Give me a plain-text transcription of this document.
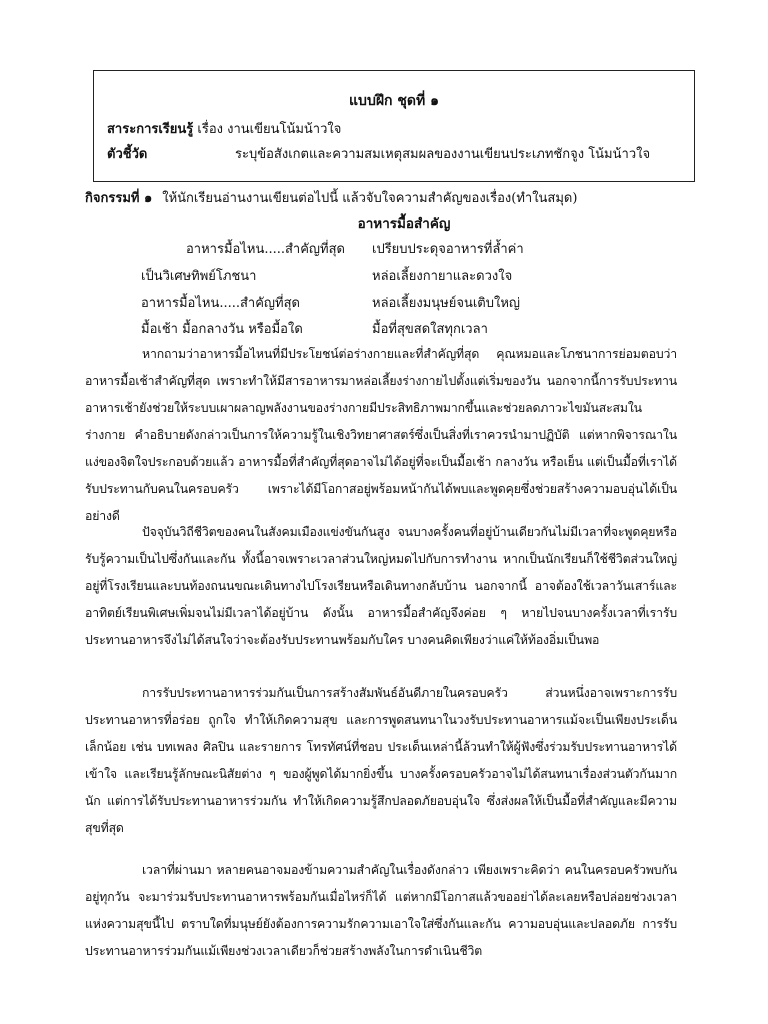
แบบฝึก ชุดที่ ๑
สาระการเรียนรู้ เรื่อง งานเขียนโน้มน้าวใจ
ตัวชี้วัด	ระบุข้อสังเกตและความสมเหตุสมผลของงานเขียนประเภทชักจูง โน้มน้าวใจ
กิจกรรมที่ ๑ ให้นักเรียนอ่านงานเขียนต่อไปนี้ แล้วจับใจความสำคัญของเรื่อง(ทำในสมุด)
อาหารมื้อสำคัญ
อาหารมื้อไหน.....สำคัญที่สุด เปรียบประดุจอาหารที่ล้ำค่า
เป็นวิเศษทิพย์โภชนา	หล่อเลี้ยงกายาและดวงใจ
อาหารมื้อไหน.....สำคัญที่สุด	หล่อเลี้ยงมนุษย์จนเติบใหญ่
มื้อเช้า มื้อกลางวัน หรือมื้อใด	มื้อที่สุขสดใสทุกเวลา

หากถามว่าอาหารมื้อไหนที่มีประโยชน์ต่อร่างกายและที่สำคัญที่สุด คุณหมอและโภชนาการย่อมตอบว่าอาหารมื้อเช้าสำคัญที่สุด เพราะทำให้มีสารอาหารมาหล่อเลี้ยงร่างกายไปตั้งแต่เริ่มของวัน นอกจากนี้การรับประทานอาหารเช้ายังช่วยให้ระบบเผาผลาญพลังงานของร่างกายมีประสิทธิภาพมากขึ้นและช่วยลดภาวะไขมันสะสมในร่างกาย คำอธิบายดังกล่าวเป็นการให้ความรู้ในเชิงวิทยาศาสตร์ซึ่งเป็นสิ่งที่เราควรนำมาปฏิบัติ แต่หากพิจารณาในแง่ของจิตใจประกอบด้วยแล้ว อาหารมื้อที่สำคัญที่สุดอาจไม่ได้อยู่ที่จะเป็นมื้อเช้า กลางวัน หรือเย็น แต่เป็นมื้อที่เราได้รับประทานกับคนในครอบครัว เพราะได้มีโอกาสอยู่พร้อมหน้ากันได้พบและพูดคุยซึ่งช่วยสร้างความอบอุ่นได้เป็นอย่างดี

ปัจจุบันวิถีชีวิตของคนในสังคมเมืองแข่งขันกันสูง จนบางครั้งคนที่อยู่บ้านเดียวกันไม่มีเวลาที่จะพูดคุยหรือรับรู้ความเป็นไปซึ่งกันและกัน ทั้งนี้อาจเพราะเวลาส่วนใหญ่หมดไปกับการทำงาน หากเป็นนักเรียนก็ใช้ชีวิตส่วนใหญ่อยู่ที่โรงเรียนและบนท้องถนนขณะเดินทางไปโรงเรียนหรือเดินทางกลับบ้าน นอกจากนี้ อาจต้องใช้เวลาวันเสาร์และอาทิตย์เรียนพิเศษเพิ่มจนไม่มีเวลาได้อยู่บ้าน ดังนั้น อาหารมื้อสำคัญจึงค่อย ๆ หายไปจนบางครั้งเวลาที่เรารับประทานอาหารจึงไม่ได้สนใจว่าจะต้องรับประทานพร้อมกับใคร บางคนคิดเพียงว่าแค่ให้ท้องอิ่มเป็นพอ

การรับประทานอาหารร่วมกันเป็นการสร้างสัมพันธ์อันดีภายในครอบครัว ส่วนหนึ่งอาจเพราะการรับประทานอาหารที่อร่อย ถูกใจ ทำให้เกิดความสุข และการพูดสนทนาในวงรับประทานอาหารแม้จะเป็นเพียงประเด็นเล็กน้อย เช่น บทเพลง ศิลปิน และรายการ โทรทัศน์ที่ชอบ ประเด็นเหล่านี้ล้วนทำให้ผู้ฟังซึ่งร่วมรับประทานอาหารได้เข้าใจ และเรียนรู้ลักษณะนิสัยต่าง ๆ ของผู้พูดได้มากยิ่งขึ้น บางครั้งครอบครัวอาจไม่ได้สนทนาเรื่องส่วนตัวกันมากนัก แต่การได้รับประทานอาหารร่วมกัน ทำให้เกิดความรู้สึกปลอดภัยอบอุ่นใจ ซึ่งส่งผลให้เป็นมื้อที่สำคัญและมีความสุขที่สุด

เวลาที่ผ่านมา หลายคนอาจมองข้ามความสำคัญในเรื่องดังกล่าว เพียงเพราะคิดว่า คนในครอบครัวพบกันอยู่ทุกวัน จะมาร่วมรับประทานอาหารพร้อมกันเมื่อไหร่ก็ได้ แต่หากมีโอกาสแล้วขออย่าได้ละเลยหรือปล่อยช่วงเวลาแห่งความสุขนี้ไป ตราบใดที่มนุษย์ยังต้องการความรักความเอาใจใส่ซึ่งกันและกัน ความอบอุ่นและปลอดภัย การรับประทานอาหารร่วมกันแม้เพียงช่วงเวลาเดียวก็ช่วยสร้างพลังในการดำเนินชีวิต
